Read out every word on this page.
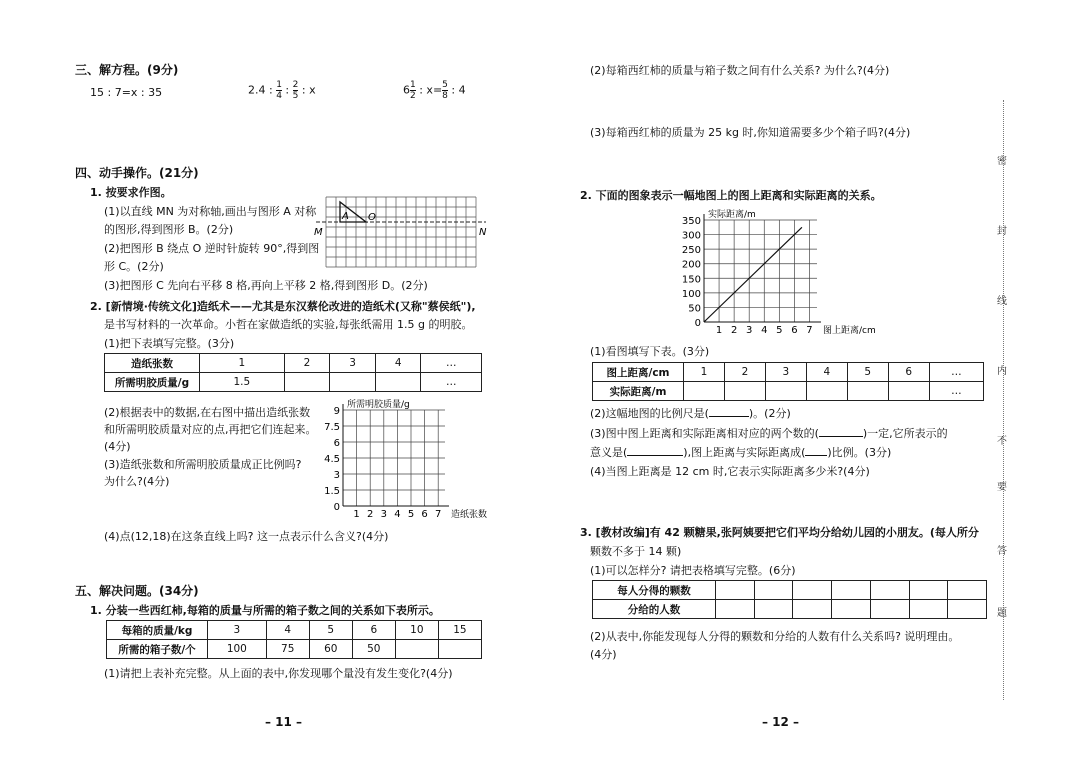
三、解方程。(9分)
15 : 7=x : 35	2.4 : $\frac{1}{4}$ : $\frac{2}{5}$ : x	$6 \frac{1}{2}$ : $x= \frac{5}{8}$ : 4
四、动手操作。(21分)
1. 按要求作图。
(1)以直线 MN 为对称轴,画出与图形 A 对称
的图形,得到图形 B。(2分)
(2)把图形 B 绕点 O 逆时针旋转 90°,得到图
形 C。(2分)
(3)把图形 C 先向右平移 8 格,再向上平移 2 格,得到图形 D。(2分)
M	N
A O
2. [新情境·传统文化]造纸术——尤其是东汉蔡伦改进的造纸术(又称"蔡侯纸"),
是书写材料的一次革命。小哲在家做造纸的实验,每张纸需用 1.5 g 的明胶。
(1)把下表填写完整。(3分)
造纸张数	1	2	3	4	…
所需明胶质量/g	1.5				…
(2)根据表中的数据,在右图中描出造纸张数
和所需明胶质量对应的点,再把它们连起来。
(4分)
(3)造纸张数和所需明胶质量成正比例吗?
为什么?(4分)
0
1.5
3
4.5
6
7.5
9
1 2 3 4 5 6 7
所需明胶质量/g
造纸张数
(4)点(12,18)在这条直线上吗? 这一点表示什么含义?(4分)
五、解决问题。(34分)
1. 分装一些西红柿,每箱的质量与所需的箱子数之间的关系如下表所示。
每箱的质量/kg	3	4	5	6	10	15
所需的箱子数/个	100	75	60	50		
(1)请把上表补充完整。从上面的表中,你发现哪个量没有发生变化?(4分)
– 11 –
(2)每箱西红柿的质量与箱子数之间有什么关系? 为什么?(4分)
(3)每箱西红柿的质量为 25 kg 时,你知道需要多少个箱子吗?(4分)
2. 下面的图象表示一幅地图上的图上距离和实际距离的关系。
0
50
100
150
200
250
300
350
1 2 3 4 5 6 7
实际距离/m
图上距离/cm
(1)看图填写下表。(3分)
图上距离/cm	1	2	3	4	5	6	…
实际距离/m							…
(2)这幅地图的比例尺是(	)。(2分)
(3)图中图上距离和实际距离相对应的两个数的(	)一定,它所表示的
意义是(	),图上距离与实际距离成( )比例。(3分)
(4)当图上距离是 12 cm 时,它表示实际距离多少米?(4分)
3. [教材改编]有 42 颗糖果,张阿姨要把它们平均分给幼儿园的小朋友。(每人所分
颗数不多于 14 颗)
(1)可以怎样分? 请把表格填写完整。(6分)
每人分得的颗数							
分给的人数							
(2)从表中,你能发现每人分得的颗数和分给的人数有什么关系吗? 说明理由。
(4分)
– 12 –
密
封
线
内
不
要
答
题
